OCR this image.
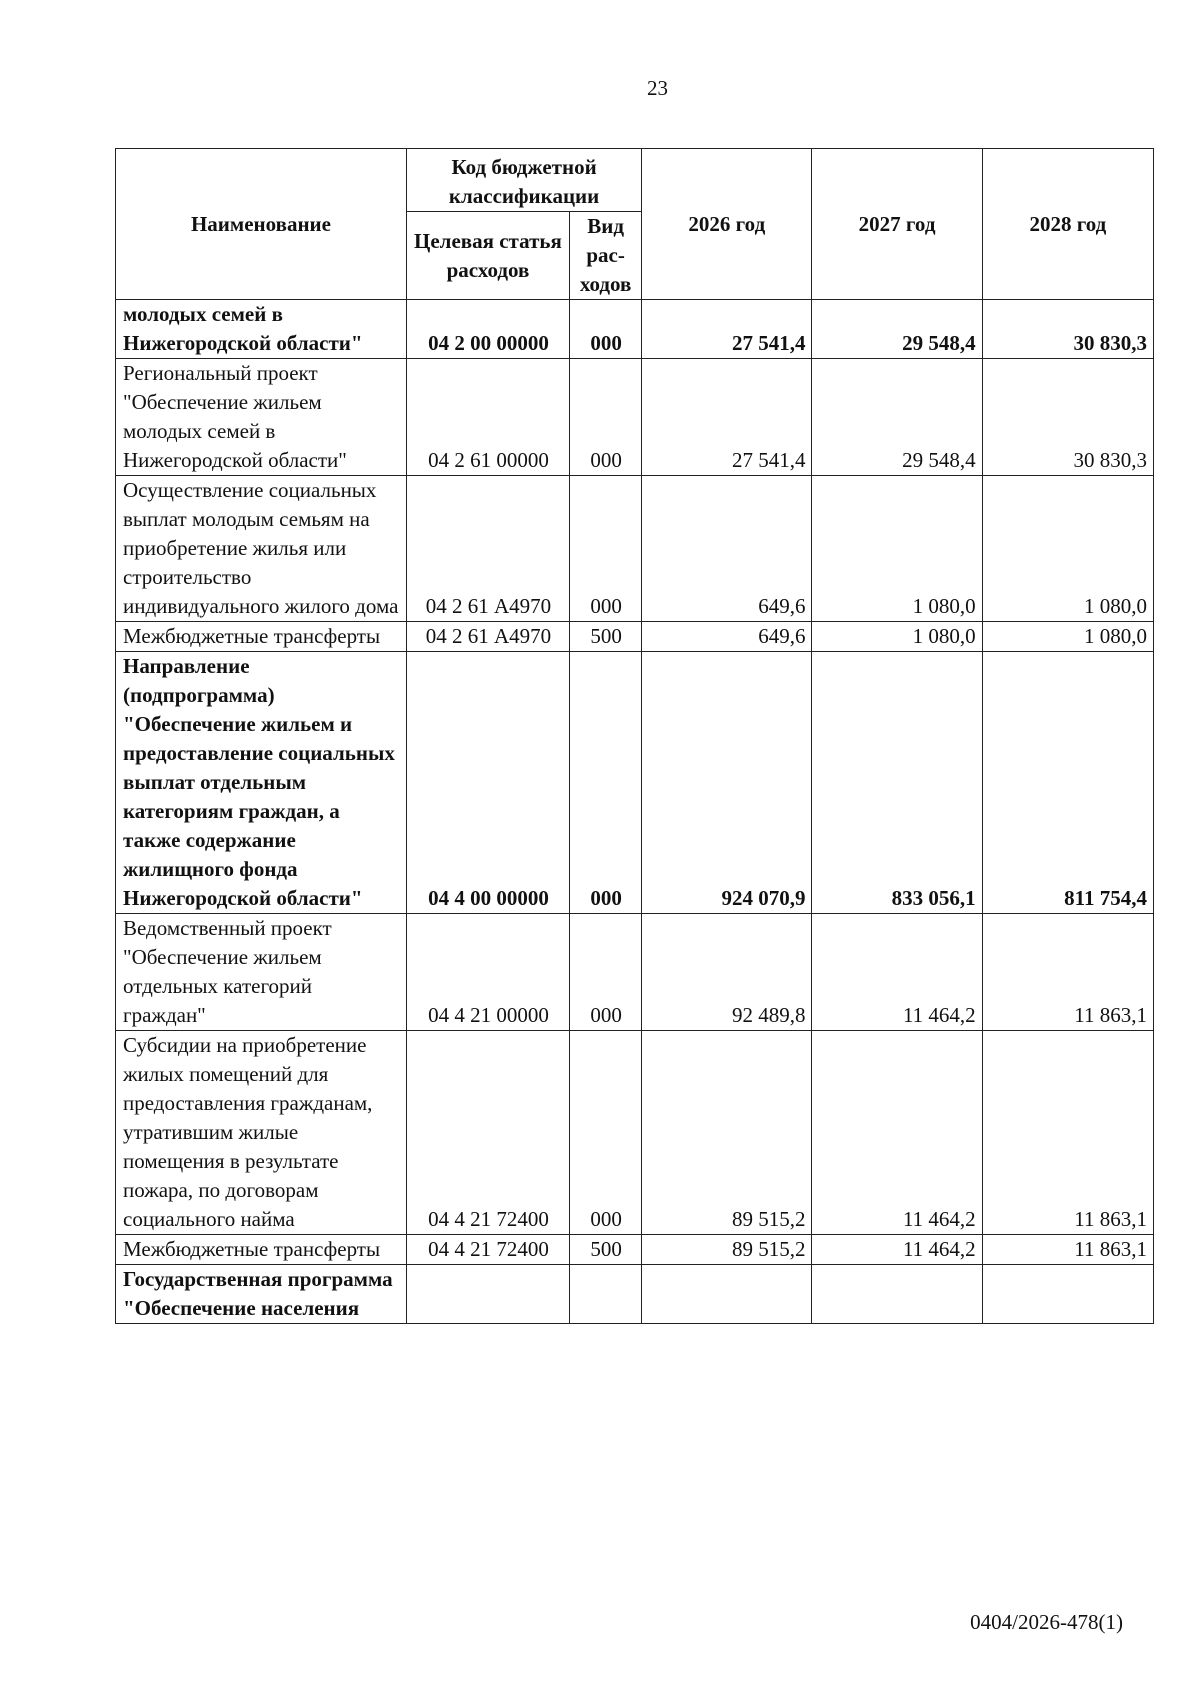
23
Наименование	Код бюджетной классификации		2026 год	2027 год	2028 год
	Целевая статья расходов	Вид рас-ходов			
молодых семей в Нижегородской области"	04 2 00 00000	000	27 541,4	29 548,4	30 830,3
Региональный проект "Обеспечение жильем молодых семей в Нижегородской области"	04 2 61 00000	000	27 541,4	29 548,4	30 830,3
Осуществление социальных выплат молодым семьям на приобретение жилья или строительство индивидуального жилого дома	04 2 61 А4970	000	649,6	1 080,0	1 080,0
Межбюджетные трансферты	04 2 61 А4970	500	649,6	1 080,0	1 080,0
Направление (подпрограмма) "Обеспечение жильем и предоставление социальных выплат отдельным категориям граждан, а также содержание жилищного фонда Нижегородской области"	04 4 00 00000	000	924 070,9	833 056,1	811 754,4
Ведомственный проект "Обеспечение жильем отдельных категорий граждан"	04 4 21 00000	000	92 489,8	11 464,2	11 863,1
Субсидии на приобретение жилых помещений для предоставления гражданам, утратившим жилые помещения в результате пожара, по договорам социального найма	04 4 21 72400	000	89 515,2	11 464,2	11 863,1
Межбюджетные трансферты	04 4 21 72400	500	89 515,2	11 464,2	11 863,1
Государственная программа "Обеспечение населения					
0404/2026-478(1)
